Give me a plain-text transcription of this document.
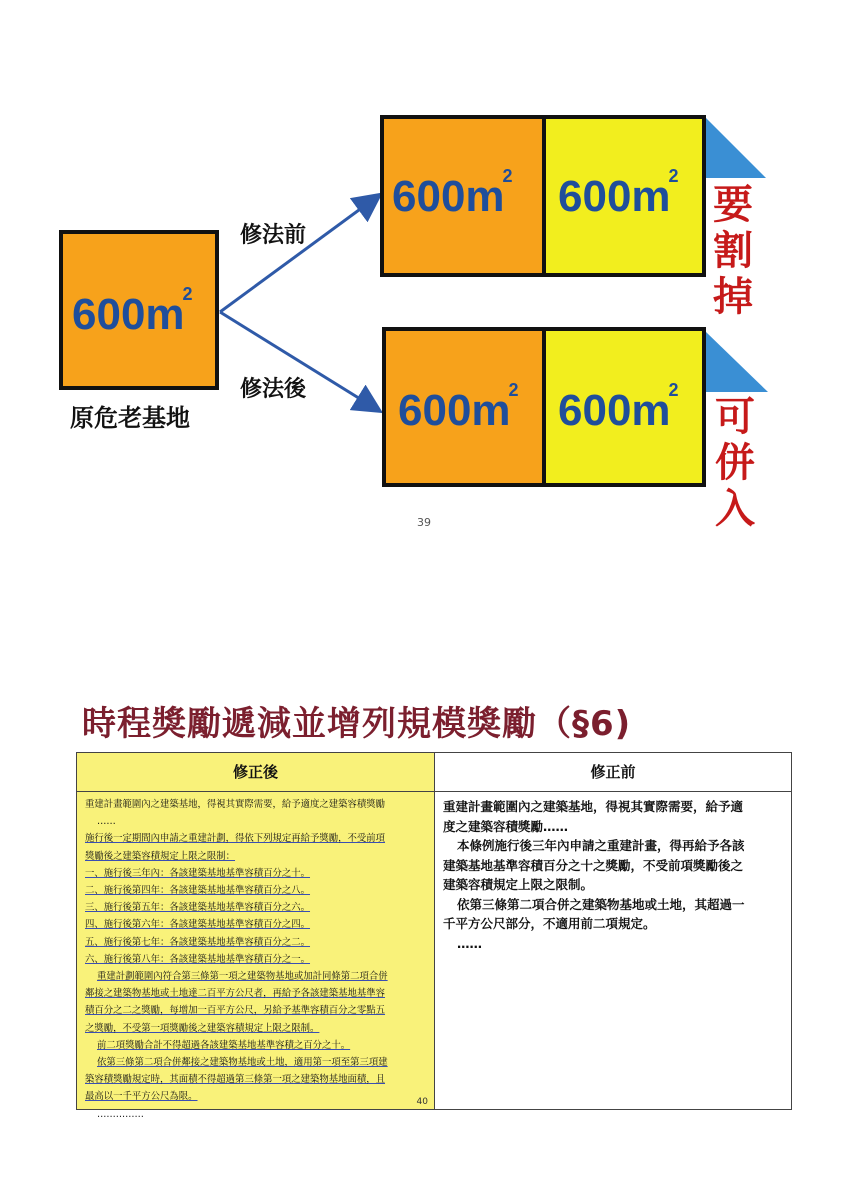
600m
2
原危老基地
修法前
修法後
600m
2 600m
2
要
割
掉
600m
2 600m
2
可
併
入
39
時程獎勵遞減並增列規模獎勵（§6)
修正後
重建計畫範圍內之建築基地，得視其實際需要，給予適度之建築容積獎勵
……
施行後一定期間內申請之重建計劃，得依下列規定再給予獎勵，不受前項
獎勵後之建築容積規定上限之限制：
一、施行後三年內：各該建築基地基準容積百分之十。
二、施行後第四年：各該建築基地基準容積百分之八。
三、施行後第五年：各該建築基地基準容積百分之六。
四、施行後第六年：各該建築基地基準容積百分之四。
五、施行後第七年：各該建築基地基準容積百分之二。
六、施行後第八年：各該建築基地基準容積百分之一。
重建計劃範圍內符合第三條第一項之建築物基地或加計同條第二項合併
鄰接之建築物基地或土地達二百平方公尺者，再給予各該建築基地基準容
積百分之二之獎勵，每增加一百平方公尺，另給予基準容積百分之零點五
之獎勵，不受第一項獎勵後之建築容積規定上限之限制。
前二項獎勵合計不得超過各該建築基地基準容積之百分之十。
依第三條第二項合併鄰接之建築物基地或土地，適用第一項至第三項建
築容積獎勵規定時，其面積不得超過第三條第一項之建築物基地面積，且
最高以一千平方公尺為限。
……………
40
修正前
重建計畫範圍內之建築基地，得視其實際需要，給予適
度之建築容積獎勵……
本條例施行後三年內申請之重建計畫，得再給予各該
建築基地基準容積百分之十之獎勵，不受前項獎勵後之
建築容積規定上限之限制。
依第三條第二項合併之建築物基地或土地，其超過一
千平方公尺部分，不適用前二項規定。
……
